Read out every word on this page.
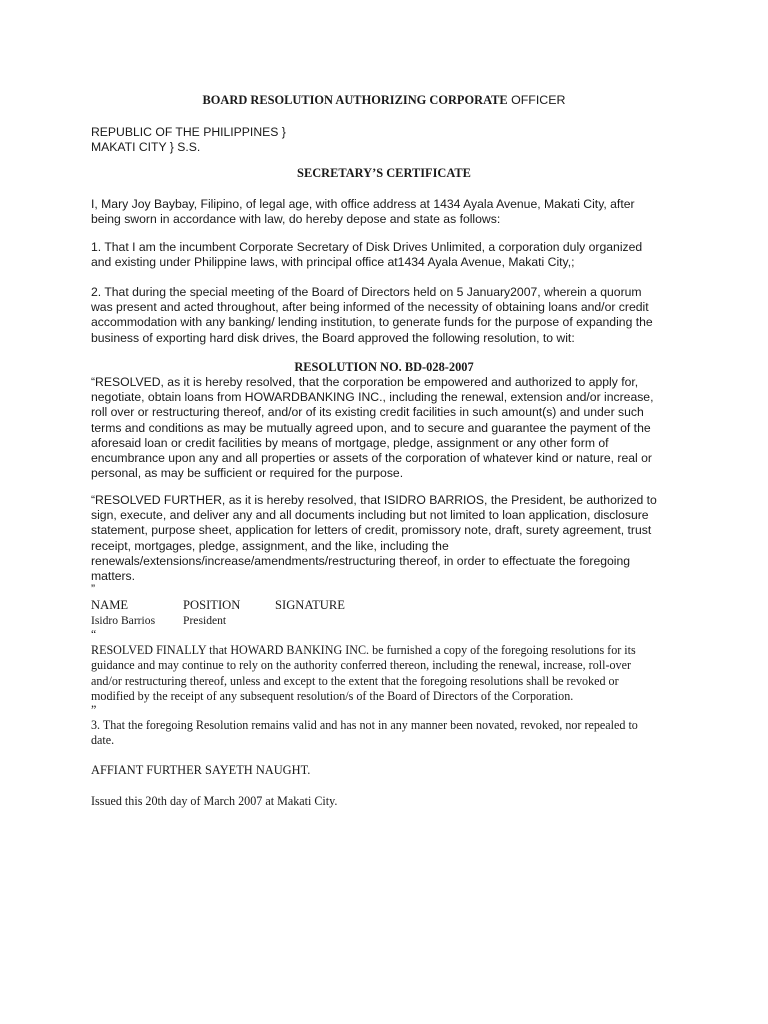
BOARD RESOLUTION AUTHORIZING CORPORATE OFFICER
REPUBLIC OF THE PHILIPPINES }
MAKATI CITY } S.S.
SECRETARY’S CERTIFICATE
I, Mary Joy Baybay, Filipino, of legal age, with office address at 1434 Ayala Avenue, Makati City, after
being sworn in accordance with law, do hereby depose and state as follows:
1. That I am the incumbent Corporate Secretary of Disk Drives Unlimited, a corporation duly organized
and existing under Philippine laws, with principal office at1434 Ayala Avenue, Makati City,;
2. That during the special meeting of the Board of Directors held on 5 January2007, wherein a quorum
was present and acted throughout, after being informed of the necessity of obtaining loans and/or credit
accommodation with any banking/ lending institution, to generate funds for the purpose of expanding the
business of exporting hard disk drives, the Board approved the following resolution, to wit:
RESOLUTION NO. BD-028-2007
“RESOLVED, as it is hereby resolved, that the corporation be empowered and authorized to apply for,
negotiate, obtain loans from HOWARDBANKING INC., including the renewal, extension and/or increase,
roll over or restructuring thereof, and/or of its existing credit facilities in such amount(s) and under such
terms and conditions as may be mutually agreed upon, and to secure and guarantee the payment of the
aforesaid loan or credit facilities by means of mortgage, pledge, assignment or any other form of
encumbrance upon any and all properties or assets of the corporation of whatever kind or nature, real or
personal, as may be sufficient or required for the purpose.
“RESOLVED FURTHER, as it is hereby resolved, that ISIDRO BARRIOS, the President, be authorized to
sign, execute, and deliver any and all documents including but not limited to loan application, disclosure
statement, purpose sheet, application for letters of credit, promissory note, draft, surety agreement, trust
receipt, mortgages, pledge, assignment, and the like, including the
renewals/extensions/increase/amendments/restructuring thereof, in order to effectuate the foregoing
matters.
”
NAME	POSITION	SIGNATURE
Isidro Barrios President
“
RESOLVED FINALLY that HOWARD BANKING INC. be furnished a copy of the foregoing resolutions for its
guidance and may continue to rely on the authority conferred thereon, including the renewal, increase, roll-over
and/or restructuring thereof, unless and except to the extent that the foregoing resolutions shall be revoked or
modified by the receipt of any subsequent resolution/s of the Board of Directors of the Corporation.
”
3. That the foregoing Resolution remains valid and has not in any manner been novated, revoked, nor repealed to
date.
AFFIANT FURTHER SAYETH NAUGHT.
Issued this 20th day of March 2007 at Makati City.
